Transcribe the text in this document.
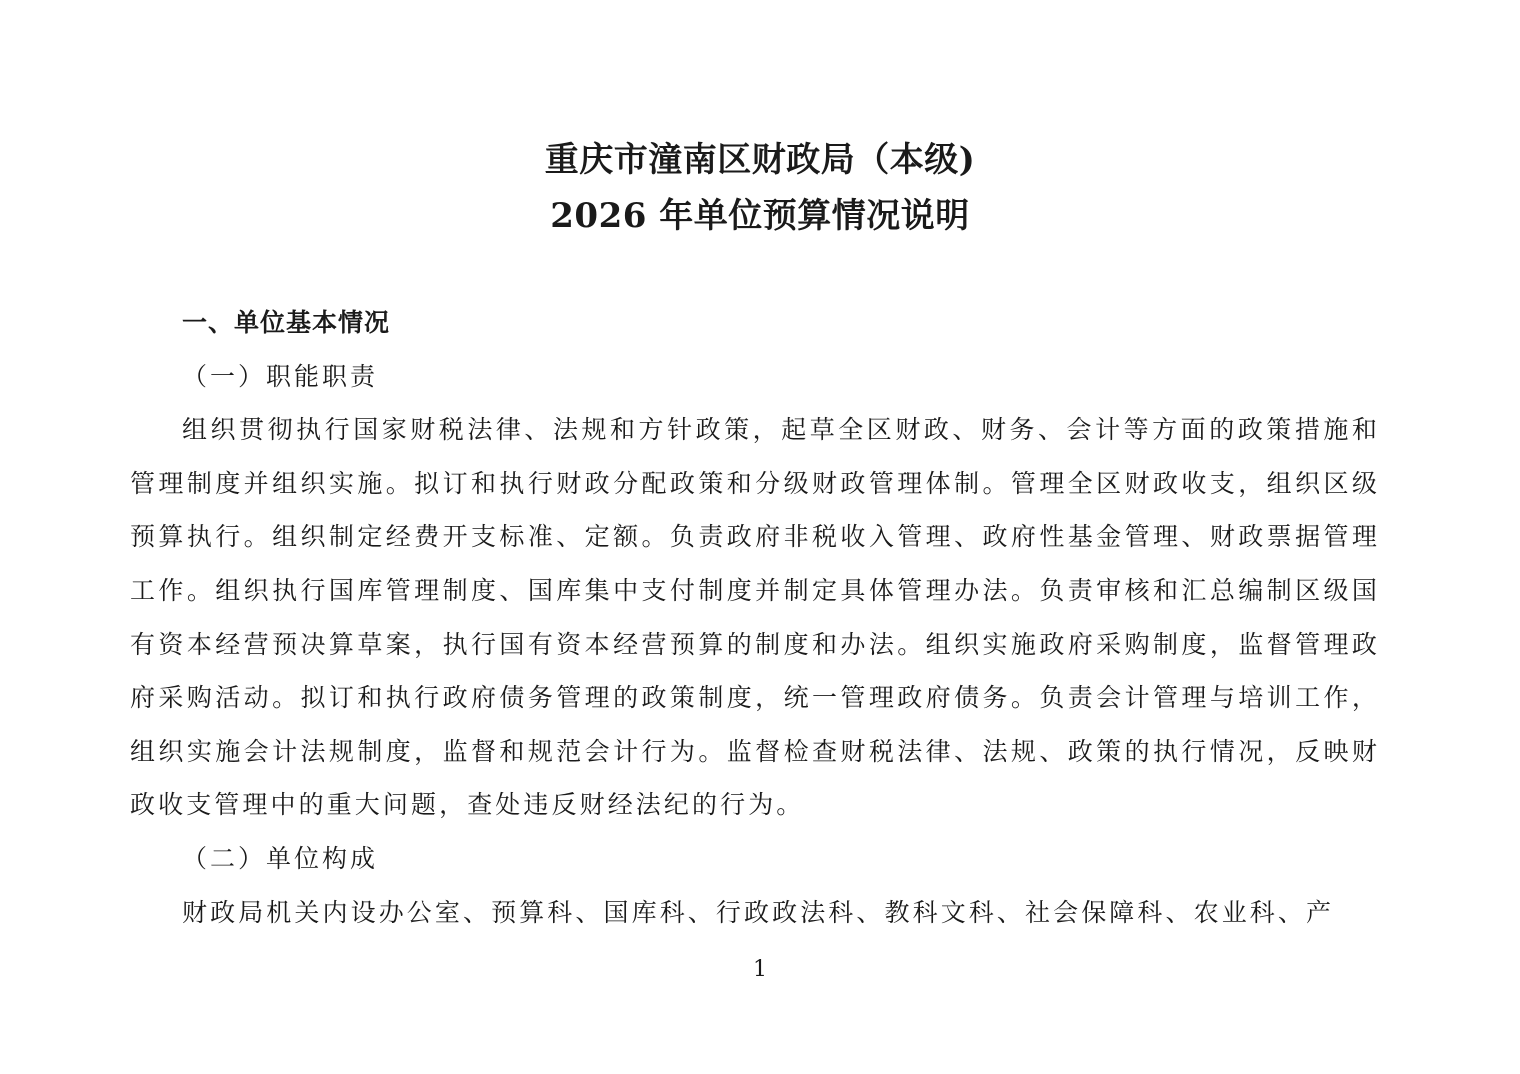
重庆市潼南区财政局（本级)
2026 年单位预算情况说明

一、单位基本情况

（一）职能职责

组织贯彻执行国家财税法律、法规和方针政策，起草全区财政、财务、会计等方面的政策措施和管理制度并组织实施。拟订和执行财政分配政策和分级财政管理体制。管理全区财政收支，组织区级预算执行。组织制定经费开支标准、定额。负责政府非税收入管理、政府性基金管理、财政票据管理工作。组织执行国库管理制度、国库集中支付制度并制定具体管理办法。负责审核和汇总编制区级国有资本经营预决算草案，执行国有资本经营预算的制度和办法。组织实施政府采购制度，监督管理政府采购活动。拟订和执行政府债务管理的政策制度，统一管理政府债务。负责会计管理与培训工作，组织实施会计法规制度，监督和规范会计行为。监督检查财税法律、法规、政策的执行情况，反映财政收支管理中的重大问题，查处违反财经法纪的行为。

（二）单位构成

财政局机关内设办公室、预算科、国库科、行政政法科、教科文科、社会保障科、农业科、产

1
